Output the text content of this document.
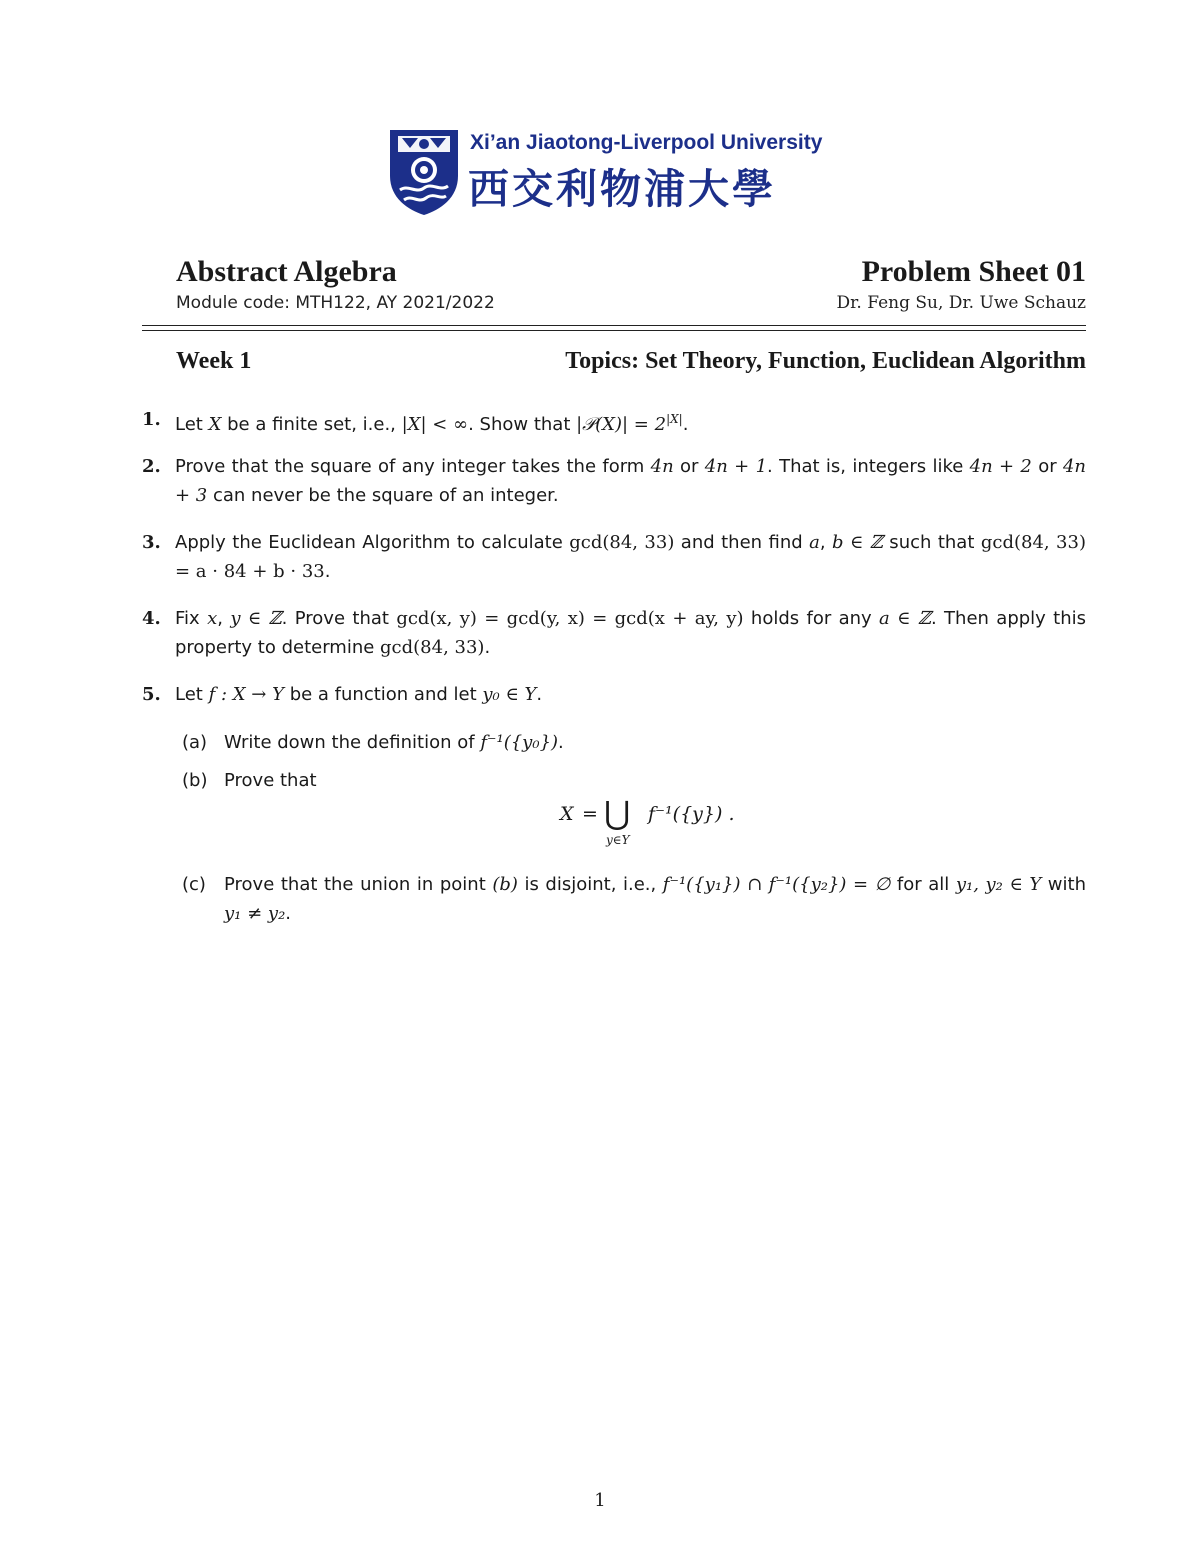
Xi’an Jiaotong-Liverpool University
西交利物浦大學
Abstract Algebra	Problem Sheet 01
Module code: MTH122, AY 2021/2022	Dr. Feng Su, Dr. Uwe Schauz
Week 1	Topics: Set Theory, Function, Euclidean Algorithm
1. Let X be a finite set, i.e., |X| < ∞. Show that |𝒫(X)| = $2^{|X|}$.
2. Prove that the square of any integer takes the form 4n or 4n + 1. That is, integers like 4n + 2 or 4n + 3 can never be the square of an integer.
3. Apply the Euclidean Algorithm to calculate gcd(84, 33) and then find a, b ∈ ℤ such that gcd(84, 33) = a · 84 + b · 33.
4. Fix x, y ∈ ℤ. Prove that gcd(x, y) = gcd(y, x) = gcd(x + ay, y) holds for any a ∈ ℤ. Then apply this property to determine gcd(84, 33).
5. Let f : X → Y be a function and let y₀ ∈ Y.
(a) Write down the definition of f⁻¹({y₀}).
(b) Prove that
X = ⋃
y∈Y
f⁻¹({y}) .
(c) Prove that the union in point (b) is disjoint, i.e., f⁻¹({y₁}) ∩ f⁻¹({y₂}) = ∅ for all y₁, y₂ ∈ Y with y₁ ≠ y₂.
1
